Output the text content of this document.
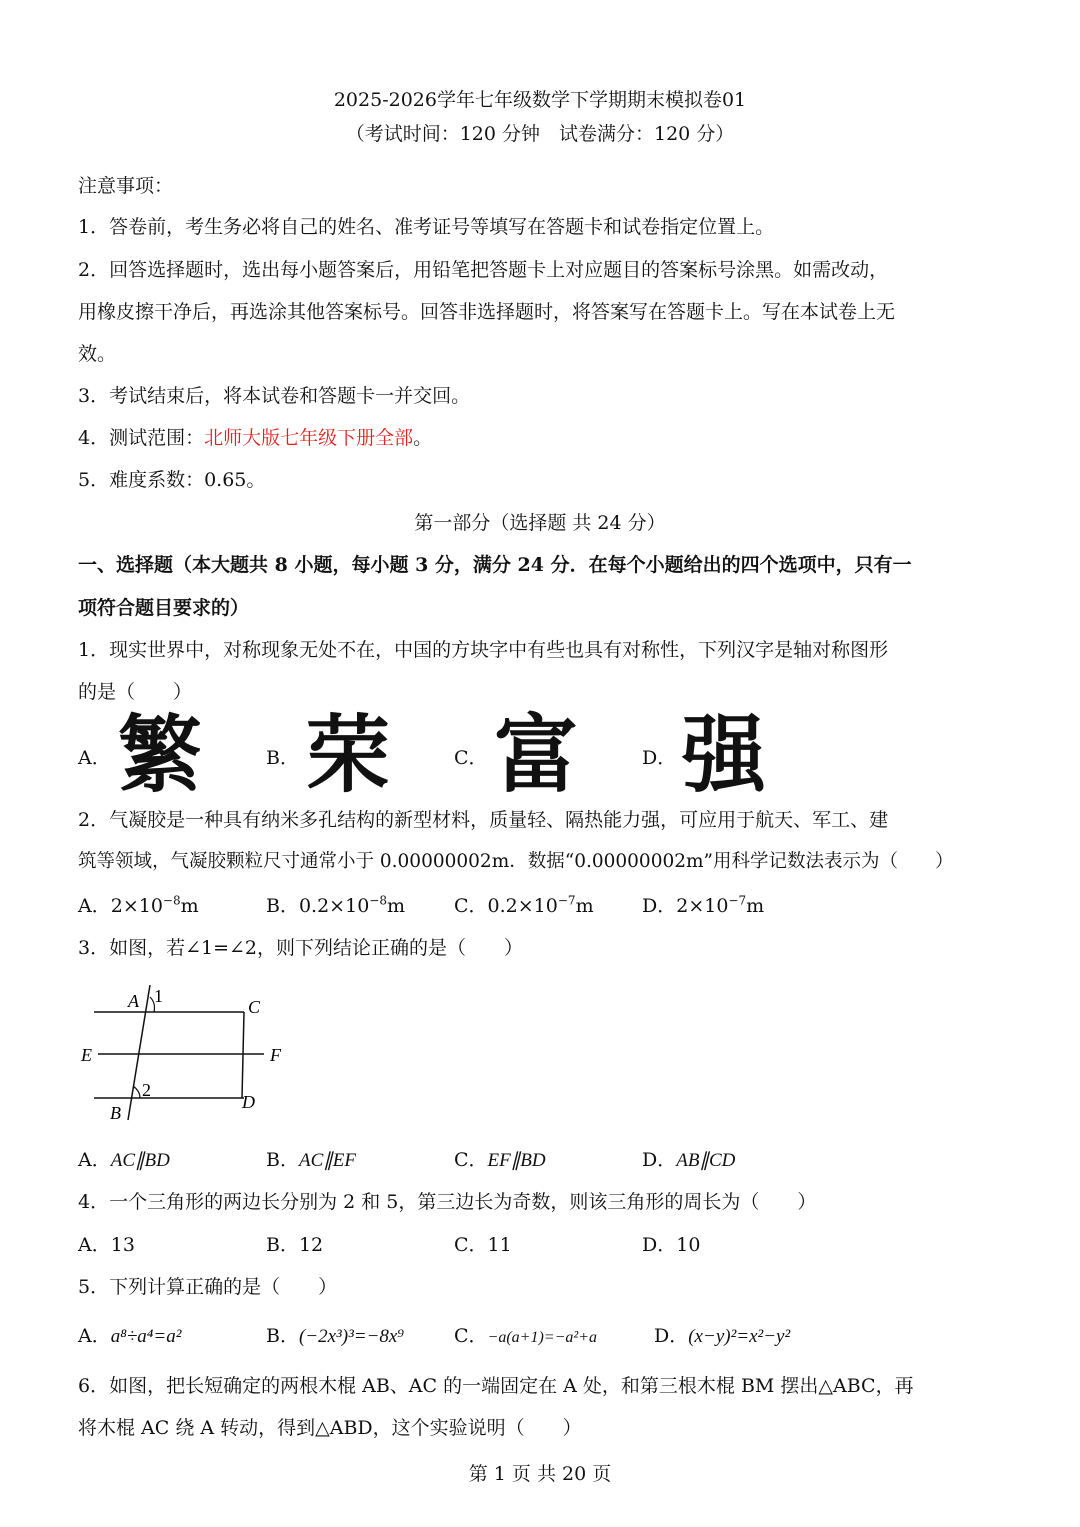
2025-2026学年七年级数学下学期期末模拟卷01
（考试时间：120 分钟　试卷满分：120 分）
注意事项：
1．答卷前，考生务必将自己的姓名、准考证号等填写在答题卡和试卷指定位置上。
2．回答选择题时，选出每小题答案后，用铅笔把答题卡上对应题目的答案标号涂黑。如需改动，
用橡皮擦干净后，再选涂其他答案标号。回答非选择题时，将答案写在答题卡上。写在本试卷上无
效。
3．考试结束后，将本试卷和答题卡一并交回。
4．测试范围：北师大版七年级下册全部。
5．难度系数：0.65。
第一部分（选择题 共 24 分）
一、选择题（本大题共 8 小题，每小题 3 分，满分 24 分．在每个小题给出的四个选项中，只有一
项符合题目要求的）
1．现实世界中，对称现象无处不在，中国的方块字中有些也具有对称性，下列汉字是轴对称图形
的是（　　）
A． 繁	B． 荣	C． 富	D． 强
2．气凝胶是一种具有纳米多孔结构的新型材料，质量轻、隔热能力强，可应用于航天、军工、建
筑等领域，气凝胶颗粒尺寸通常小于 0.00000002m．数据“0.00000002m”用科学记数法表示为（　　）
A．$2\times 10^{-8}m$	B．$0.2\times 10^{-8}m$	C．$0.2\times 10^{-7}m$	D．$2\times 10^{-7}m$
3．如图，若∠1=∠2，则下列结论正确的是（　　）
A 1
C
E	F
2
D
B
A．AC∥BD	B．AC∥EF	C．EF∥BD	D．AB∥CD
4．一个三角形的两边长分别为 2 和 5，第三边长为奇数，则该三角形的周长为（　　）
A．13	B．12	C．11	D．10
5．下列计算正确的是（　　）
A．a⁸÷a⁴=a²	B．(−2x³)³=−8x⁹	C．−a(a+1)=−a²+a	D．(x−y)²=x²−y²
6．如图，把长短确定的两根木棍 AB、AC 的一端固定在 A 处，和第三根木棍 BM 摆出△ABC，再
将木棍 AC 绕 A 转动，得到△ABD，这个实验说明（　　）
第 1 页 共 20 页
